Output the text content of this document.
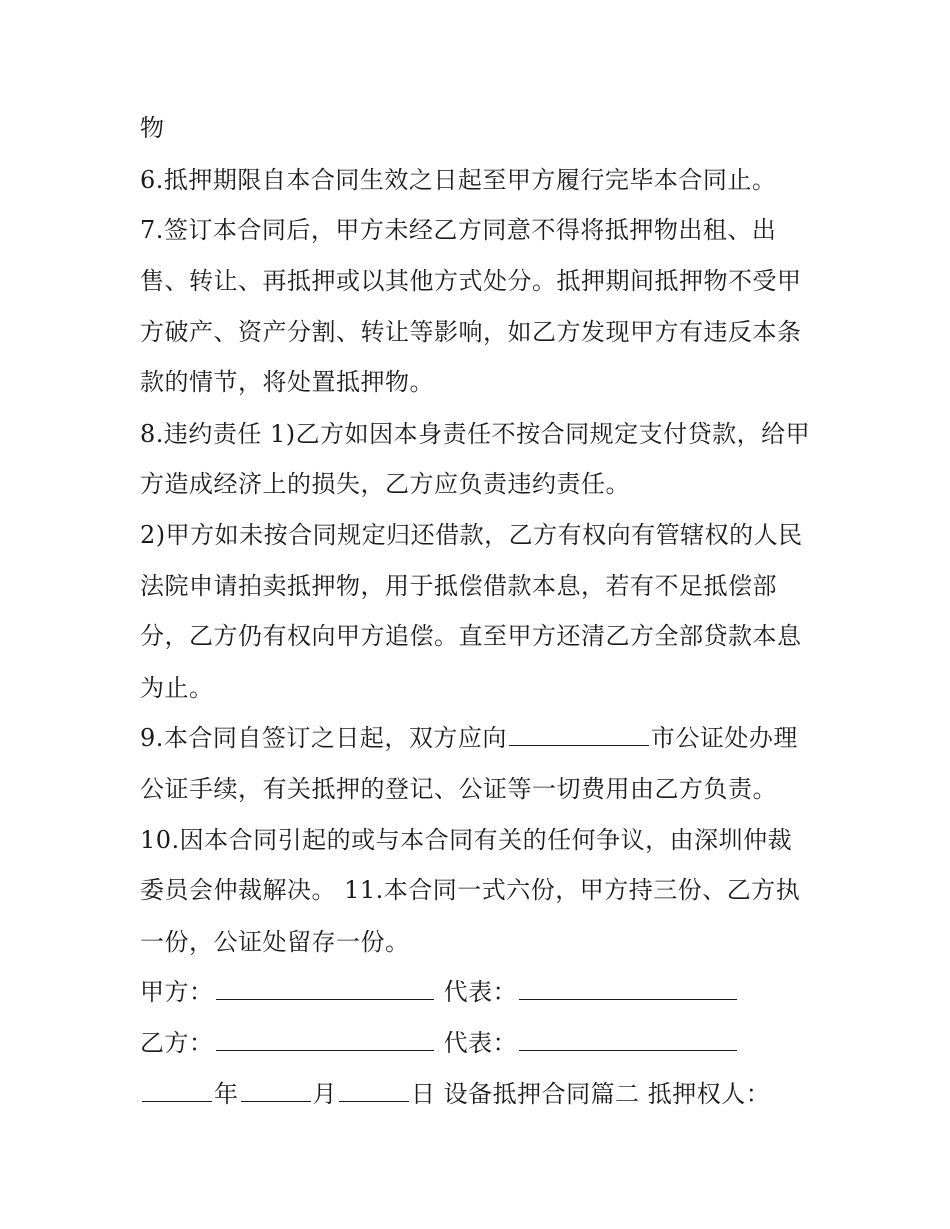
物
6.抵押期限自本合同生效之日起至甲方履行完毕本合同止。
7.签订本合同后，甲方未经乙方同意不得将抵押物出租、出
售、转让、再抵押或以其他方式处分。抵押期间抵押物不受甲
方破产、资产分割、转让等影响，如乙方发现甲方有违反本条
款的情节，将处置抵押物。
8.违约责任 1)乙方如因本身责任不按合同规定支付贷款，给甲
方造成经济上的损失，乙方应负责违约责任。
2)甲方如未按合同规定归还借款，乙方有权向有管辖权的人民
法院申请拍卖抵押物，用于抵偿借款本息，若有不足抵偿部
分，乙方仍有权向甲方追偿。直至甲方还清乙方全部贷款本息
为止。
9.本合同自签订之日起，双方应向	市公证处办理
公证手续，有关抵押的登记、公证等一切费用由乙方负责。
10.因本合同引起的或与本合同有关的任何争议，由深圳仲裁
委员会仲裁解决。 11.本合同一式六份，甲方持三份、乙方执
一份，公证处留存一份。
甲方：	代表：
乙方：	代表：
年	月	日 设备抵押合同篇二 抵押权人：
